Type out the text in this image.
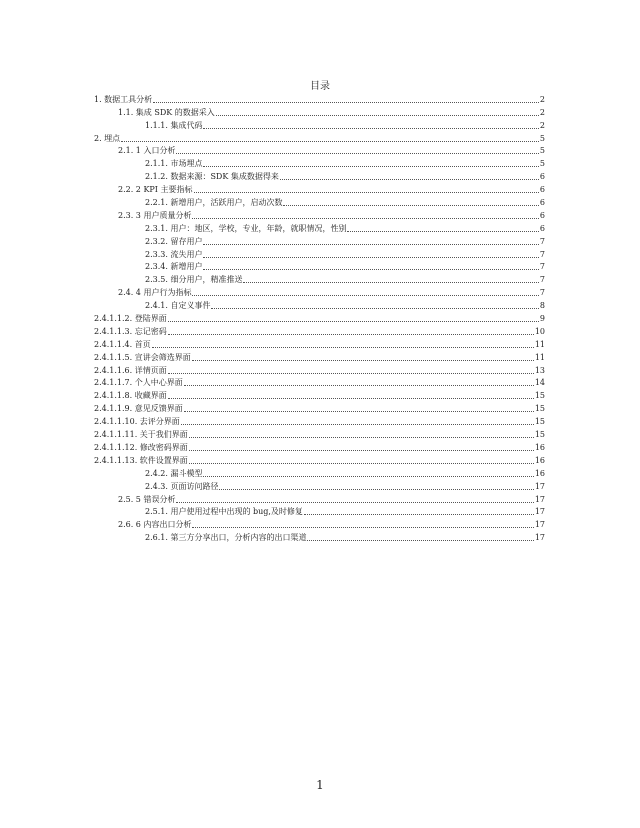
目录
1. 数据工具分析	2
1.1. 集成 SDK 的数据采入	2
1.1.1. 集成代码	2
2. 埋点	5
2.1. 1 入口分析	5
2.1.1. 市场埋点	5
2.1.2. 数据来源：SDK 集成数据得来	6
2.2. 2 KPI 主要指标	6
2.2.1. 新增用户，活跃用户，启动次数	6
2.3. 3 用户质量分析	6
2.3.1. 用户：地区，学校，专业，年龄，就职情况，性别	6
2.3.2. 留存用户	7
2.3.3. 流失用户	7
2.3.4. 新增用户	7
2.3.5. 细分用户，精准推送	7
2.4. 4 用户行为指标	7
2.4.1. 自定义事件	8
2.4.1.1.2. 登陆界面	9
2.4.1.1.3. 忘记密码	10
2.4.1.1.4. 首页	11
2.4.1.1.5. 宣讲会筛选界面	11
2.4.1.1.6. 详情页面	13
2.4.1.1.7. 个人中心界面	14
2.4.1.1.8. 收藏界面	15
2.4.1.1.9. 意见反馈界面	15
2.4.1.1.10. 去评分界面	15
2.4.1.1.11. 关于我们界面	15
2.4.1.1.12. 修改密码界面	16
2.4.1.1.13. 软件设置界面	16
2.4.2. 漏斗模型	16
2.4.3. 页面访问路径	17
2.5. 5 错误分析	17
2.5.1. 用户使用过程中出现的 bug,及时修复	17
2.6. 6 内容出口分析	17
2.6.1. 第三方分享出口，分析内容的出口渠道	17
1
